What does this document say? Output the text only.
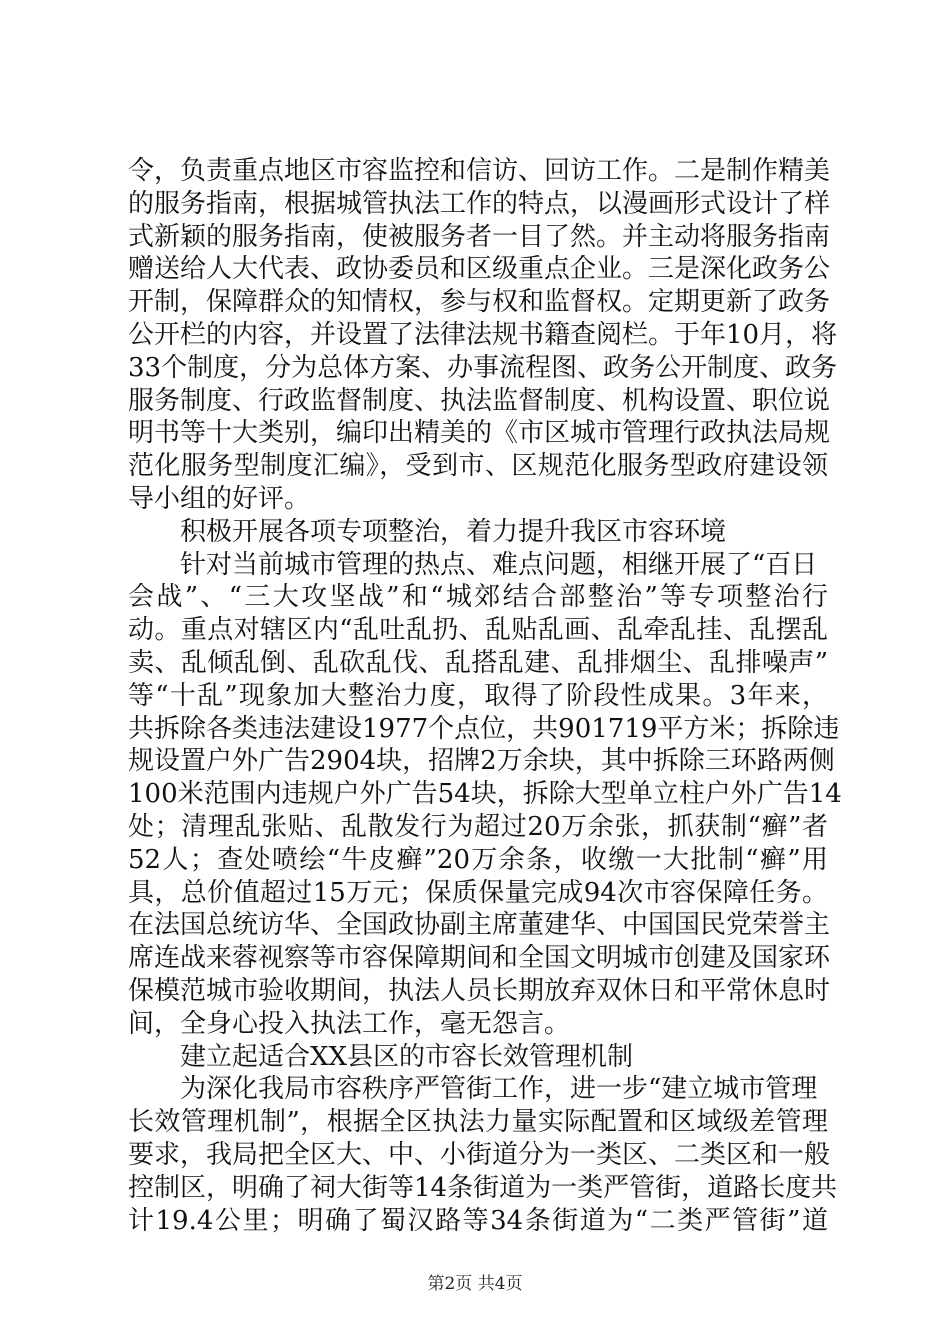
令，负责重点地区市容监控和信访、回访工作。二是制作精美
的服务指南，根据城管执法工作的特点，以漫画形式设计了样
式新颖的服务指南，使被服务者一目了然。并主动将服务指南
赠送给人大代表、政协委员和区级重点企业。三是深化政务公
开制，保障群众的知情权，参与权和监督权。定期更新了政务
公开栏的内容，并设置了法律法规书籍查阅栏。于年10月，将
33个制度，分为总体方案、办事流程图、政务公开制度、政务
服务制度、行政监督制度、执法监督制度、机构设置、职位说
明书等十大类别，编印出精美的《市区城市管理行政执法局规
范化服务型制度汇编》，受到市、区规范化服务型政府建设领
导小组的好评。
积极开展各项专项整治，着力提升我区市容环境
针对当前城市管理的热点、难点问题，相继开展了“百日
会战”、“三大攻坚战”和“城郊结合部整治”等专项整治行
动。重点对辖区内“乱吐乱扔、乱贴乱画、乱牵乱挂、乱摆乱
卖、乱倾乱倒、乱砍乱伐、乱搭乱建、乱排烟尘、乱排噪声”
等“十乱”现象加大整治力度，取得了阶段性成果。3年来，
共拆除各类违法建设1977个点位，共901719平方米；拆除违
规设置户外广告2904块，招牌2万余块，其中拆除三环路两侧
100米范围内违规户外广告54块，拆除大型单立柱户外广告14
处；清理乱张贴、乱散发行为超过20万余张，抓获制“癣”者
52人；查处喷绘“牛皮癣”20万余条，收缴一大批制“癣”用
具，总价值超过15万元；保质保量完成94次市容保障任务。
在法国总统访华、全国政协副主席董建华、中国国民党荣誉主
席连战来蓉视察等市容保障期间和全国文明城市创建及国家环
保模范城市验收期间，执法人员长期放弃双休日和平常休息时
间，全身心投入执法工作，毫无怨言。
建立起适合XX县区的市容长效管理机制
为深化我局市容秩序严管街工作，进一步“建立城市管理
长效管理机制”，根据全区执法力量实际配置和区域级差管理
要求，我局把全区大、中、小街道分为一类区、二类区和一般
控制区，明确了祠大街等14条街道为一类严管街，道路长度共
计19.4公里；明确了蜀汉路等34条街道为“二类严管街”道
第2页 共4页
